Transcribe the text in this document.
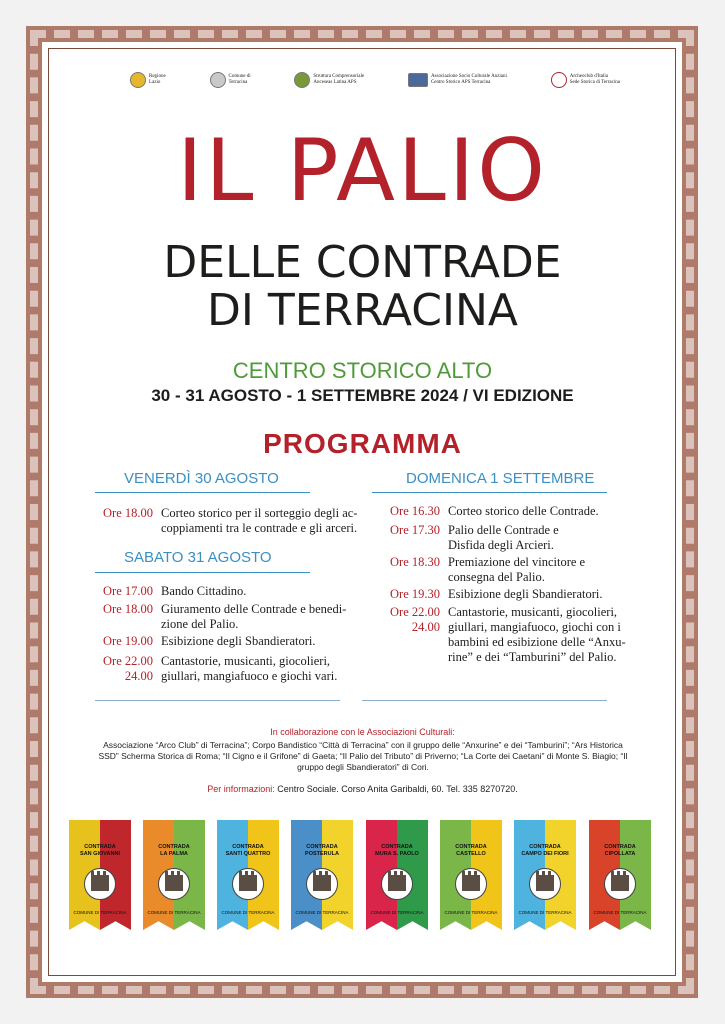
Regione
Lazio
Comune di
Terracina
Struttura Comprensoriale
Anceseas Latina APS
Associazione Socio Culturale Anziani
Centro Storico APS Terracina
Archeoclub d'Italia
Sede Storica di Terracina
IL PALIO
DELLE CONTRADE
DI TERRACINA
CENTRO STORICO ALTO
30 - 31 AGOSTO - 1 SETTEMBRE 2024 / VI EDIZIONE
PROGRAMMA
VENERDÌ 30 AGOSTO
Ore 18.00 Corteo storico per il sorteggio degli ac-
coppiamenti tra le contrade e gli arceri.
SABATO 31 AGOSTO
Ore 17.00 Bando Cittadino.
Ore 18.00 Giuramento delle Contrade e benedi-
zione del Palio.
Ore 19.00 Esibizione degli Sbandieratori.
Ore 22.00
24.00
Cantastorie, musicanti, giocolieri,
giullari, mangiafuoco e giochi vari.
DOMENICA 1 SETTEMBRE
Ore 16.30 Corteo storico delle Contrade.
Ore 17.30 Palio delle Contrade e
Disfida degli Arcieri.
Ore 18.30 Premiazione del vincitore e
consegna del Palio.
Ore 19.30 Esibizione degli Sbandieratori.
Ore 22.00
24.00
Cantastorie, musicanti, giocolieri,
giullari, mangiafuoco, giochi con i
bambini ed esibizione delle “Anxu-
rine” e dei “Tamburini” del Palio.
In collaborazione con le Associazioni Culturali:
Associazione “Arco Club” di Terracina”; Corpo Bandistico “Città di Terracina” con il gruppo delle “Anxurine” e dei “Tamburini”; “Ars Historica SSD” Scherma Storica di Roma; “Il Cigno e il Grifone” di Gaeta; “Il Palio del Tributo” di Priverno; “La Corte dei Caetani” di Monte S. Biagio; “Il gruppo degli Sbandieratori” di Cori.
Per informazioni: Centro Sociale. Corso Anita Garibaldi, 60. Tel. 335 8270720.
CONTRADA
SAN GIOVANNI
COMUNE DI TERRACINA
CONTRADA
LA PALMA
COMUNE DI TERRACINA
CONTRADA
SANTI QUATTRO
COMUNE DI TERRACINA
CONTRADA
POSTERULA
COMUNE DI TERRACINA
CONTRADA
MURA S. PAOLO
COMUNE DI TERRACINA
CONTRADA
CASTELLO
COMUNE DI TERRACINA
CONTRADA
CAMPO DEI FIORI
COMUNE DI TERRACINA
CONTRADA
CIPOLLATA
COMUNE DI TERRACINA
